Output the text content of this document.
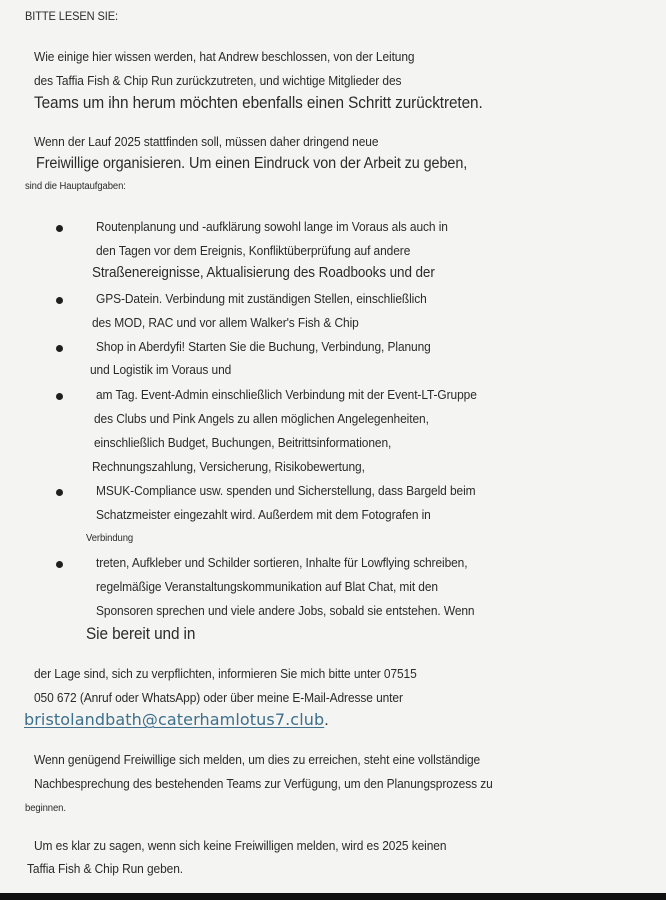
BITTE LESEN SIE:
Wie einige hier wissen werden, hat Andrew beschlossen, von der Leitung
des Taffia Fish & Chip Run zurückzutreten, und wichtige Mitglieder des
Teams um ihn herum möchten ebenfalls einen Schritt zurücktreten.
Wenn der Lauf 2025 stattfinden soll, müssen daher dringend neue
Freiwillige organisieren. Um einen Eindruck von der Arbeit zu geben,
sind die Hauptaufgaben:
Routenplanung und -aufklärung sowohl lange im Voraus als auch in
den Tagen vor dem Ereignis, Konfliktüberprüfung auf andere
Straßenereignisse, Aktualisierung des Roadbooks und der
GPS-Datein. Verbindung mit zuständigen Stellen, einschließlich
des MOD, RAC und vor allem Walker's Fish & Chip
Shop in Aberdyfi! Starten Sie die Buchung, Verbindung, Planung
und Logistik im Voraus und
am Tag. Event-Admin einschließlich Verbindung mit der Event-LT-Gruppe
des Clubs und Pink Angels zu allen möglichen Angelegenheiten,
einschließlich Budget, Buchungen, Beitrittsinformationen,
Rechnungszahlung, Versicherung, Risikobewertung,
MSUK-Compliance usw. spenden und Sicherstellung, dass Bargeld beim
Schatzmeister eingezahlt wird. Außerdem mit dem Fotografen in
Verbindung
treten, Aufkleber und Schilder sortieren, Inhalte für Lowflying schreiben,
regelmäßige Veranstaltungskommunikation auf Blat Chat, mit den
Sponsoren sprechen und viele andere Jobs, sobald sie entstehen. Wenn
Sie bereit und in
der Lage sind, sich zu verpflichten, informieren Sie mich bitte unter 07515
050 672 (Anruf oder WhatsApp) oder über meine E-Mail-Adresse unter
bristolandbath@caterhamlotus7.club.
Wenn genügend Freiwillige sich melden, um dies zu erreichen, steht eine vollständige
Nachbesprechung des bestehenden Teams zur Verfügung, um den Planungsprozess zu
beginnen.
Um es klar zu sagen, wenn sich keine Freiwilligen melden, wird es 2025 keinen
Taffia Fish & Chip Run geben.
